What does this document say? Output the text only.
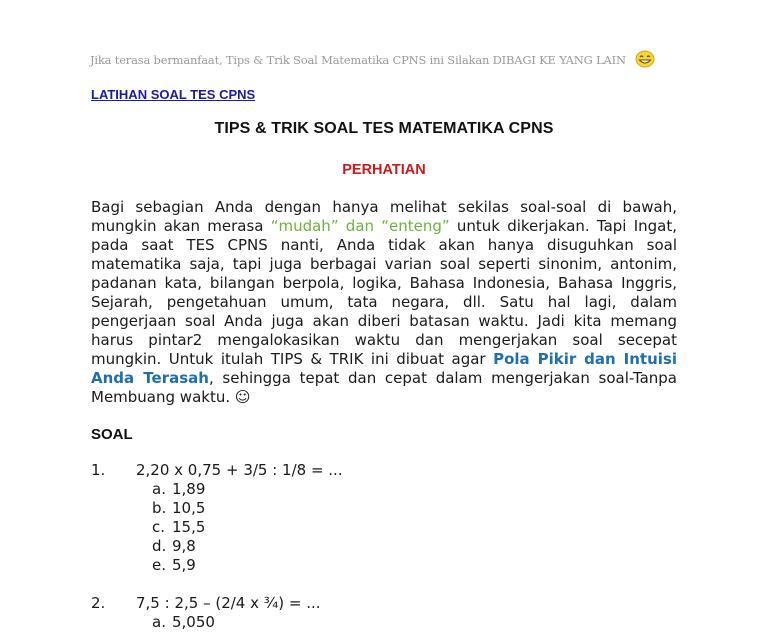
Jika terasa bermanfaat, Tips & Trik Soal Matematika CPNS ini Silakan DIBAGI KE YANG LAIN
LATIHAN SOAL TES CPNS
TIPS & TRIK SOAL TES MATEMATIKA CPNS
PERHATIAN

Bagi sebagian Anda dengan hanya melihat sekilas soal-soal di bawah, mungkin akan merasa “mudah” dan “enteng” untuk dikerjakan. Tapi Ingat, pada saat TES CPNS nanti, Anda tidak akan hanya disuguhkan soal matematika saja, tapi juga berbagai varian soal seperti sinonim, antonim, padanan kata, bilangan berpola, logika, Bahasa Indonesia, Bahasa Inggris, Sejarah, pengetahuan umum, tata negara, dll. Satu hal lagi, dalam pengerjaan soal Anda juga akan diberi batasan waktu. Jadi kita memang harus pintar2 mengalokasikan waktu dan mengerjakan soal secepat mungkin. Untuk itulah TIPS & TRIK ini dibuat agar Pola Pikir dan Intuisi Anda Terasah, sehingga tepat dan cepat dalam mengerjakan soal-Tanpa Membuang waktu. ☺

SOAL
1. 2,20 x 0,75 + 3/5 : 1/8 = ...
a. 1,89
b. 10,5
c. 15,5
d. 9,8
e. 5,9
2. 7,5 : 2,5 – (2/4 x ¾) = ...
a. 5,050
